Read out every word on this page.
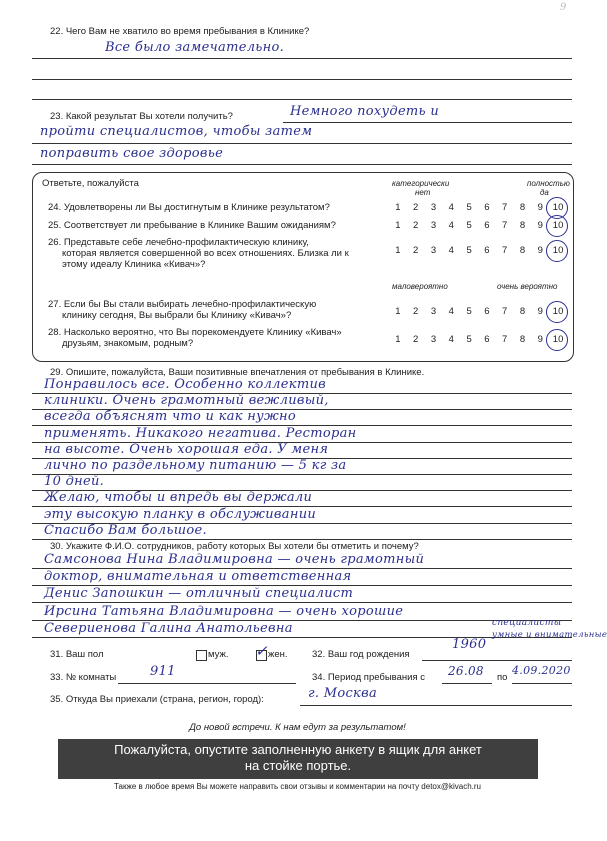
9
22. Чего Вам не хватило во время пребывания в Клинике?
Все было замечательно.
23. Какой результат Вы хотели получить?	Немного похудеть и
пройти специалистов, чтобы затем
поправить свое здоровье
Ответьте, пожалуйста	категорически
нет
полностью
да
24. Удовлетворены ли Вы достигнутым в Клинике результатом?	1 2 3 4 5 6 7 8 9 10
25. Соответствует ли пребывание в Клинике Вашим ожиданиям?	1 2 3 4 5 6 7 8 9 10
26. Представьте себе лечебно-профилактическую клинику,
которая является совершенной во всех отношениях. Близка ли к
этому идеалу Клиника «Кивач»?
1 2 3 4 5 6 7 8 9 10
маловероятно	очень вероятно
27. Если бы Вы стали выбирать лечебно-профилактическую
клинику сегодня, Вы выбрали бы Клинику «Кивач»?	1 2 3 4 5 6 7 8 9 10
28. Насколько вероятно, что Вы порекомендуете Клинику «Кивач»
друзьям, знакомым, родным?	1 2 3 4 5 6 7 8 9 10
29. Опишите, пожалуйста, Ваши позитивные впечатления от пребывания в Клинике.
Понравилось все. Особенно коллектив
клиники. Очень грамотный вежливый,
всегда объяснят что и как нужно
применять. Никакого негатива. Ресторан
на высоте. Очень хорошая еда. У меня
лично по раздельному питанию — 5 кг за
10 дней.
Желаю, чтобы и впредь вы держали
эту высокую планку в обслуживании
Спасибо Вам большое.
30. Укажите Ф.И.О. сотрудников, работу которых Вы хотели бы отметить и почему?
Самсонова Нина Владимировна — очень грамотный
доктор, внимательная и ответственная
Денис Запошкин — отличный специалист
Ирсина Татьяна Владимировна — очень хорошие
Севериенова Галина Анатольевна	специалисты
умные и внимательные
31. Ваш пол	муж. ✓ жен.	32. Ваш год рождения
1960
33. № комнаты	911	34. Период пребывания с 26.08 по
4.09.2020
35. Откуда Вы приехали (страна, регион, город):	г. Москва
До новой встречи. К нам едут за результатом!
Пожалуйста, опустите заполненную анкету в ящик для анкет
на стойке портье.
Также в любое время Вы можете направить свои отзывы и комментарии на почту detox@kivach.ru
